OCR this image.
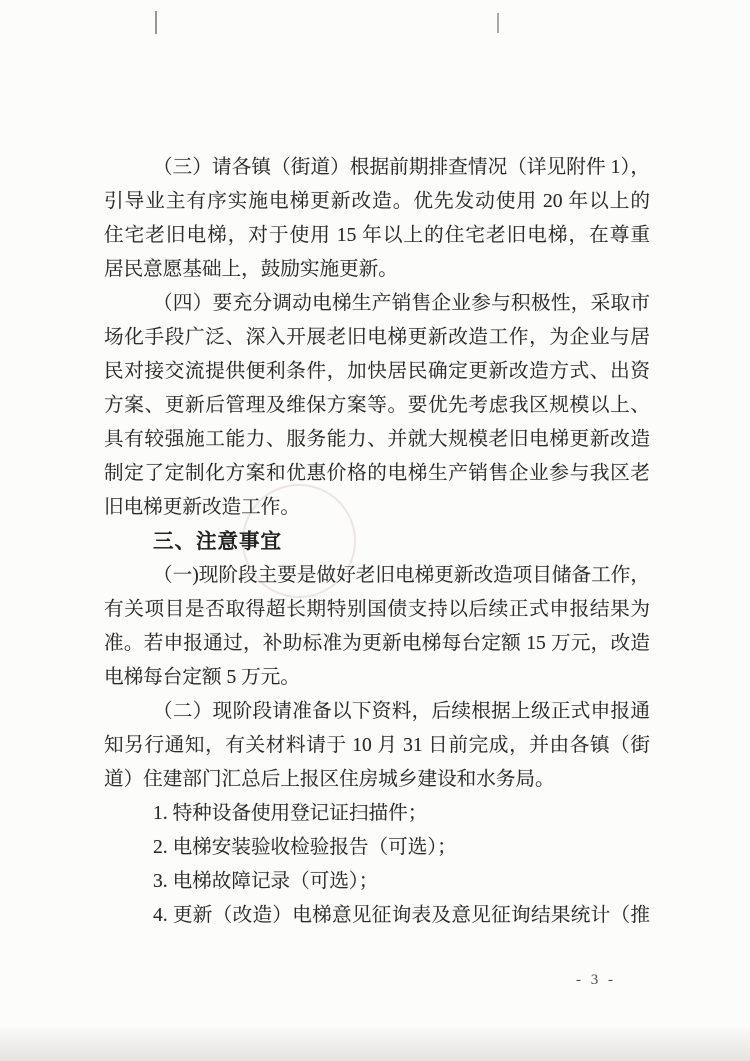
（三）请各镇（街道）根据前期排查情况（详见附件 1），
引导业主有序实施电梯更新改造。优先发动使用 20 年以上的
住宅老旧电梯，对于使用 15 年以上的住宅老旧电梯，在尊重
居民意愿基础上，鼓励实施更新。
（四）要充分调动电梯生产销售企业参与积极性，采取市
场化手段广泛、深入开展老旧电梯更新改造工作，为企业与居
民对接交流提供便利条件，加快居民确定更新改造方式、出资
方案、更新后管理及维保方案等。要优先考虑我区规模以上、
具有较强施工能力、服务能力、并就大规模老旧电梯更新改造
制定了定制化方案和优惠价格的电梯生产销售企业参与我区老
旧电梯更新改造工作。
三、注意事宜
（一)现阶段主要是做好老旧电梯更新改造项目储备工作，
有关项目是否取得超长期特别国债支持以后续正式申报结果为
准。若申报通过，补助标准为更新电梯每台定额 15 万元，改造
电梯每台定额 5 万元。
（二）现阶段请准备以下资料，后续根据上级正式申报通
知另行通知，有关材料请于 10 月 31 日前完成，并由各镇（街
道）住建部门汇总后上报区住房城乡建设和水务局。
1. 特种设备使用登记证扫描件；
2. 电梯安装验收检验报告（可选）；
3. 电梯故障记录（可选）；
4. 更新（改造）电梯意见征询表及意见征询结果统计（推
- 3 -
